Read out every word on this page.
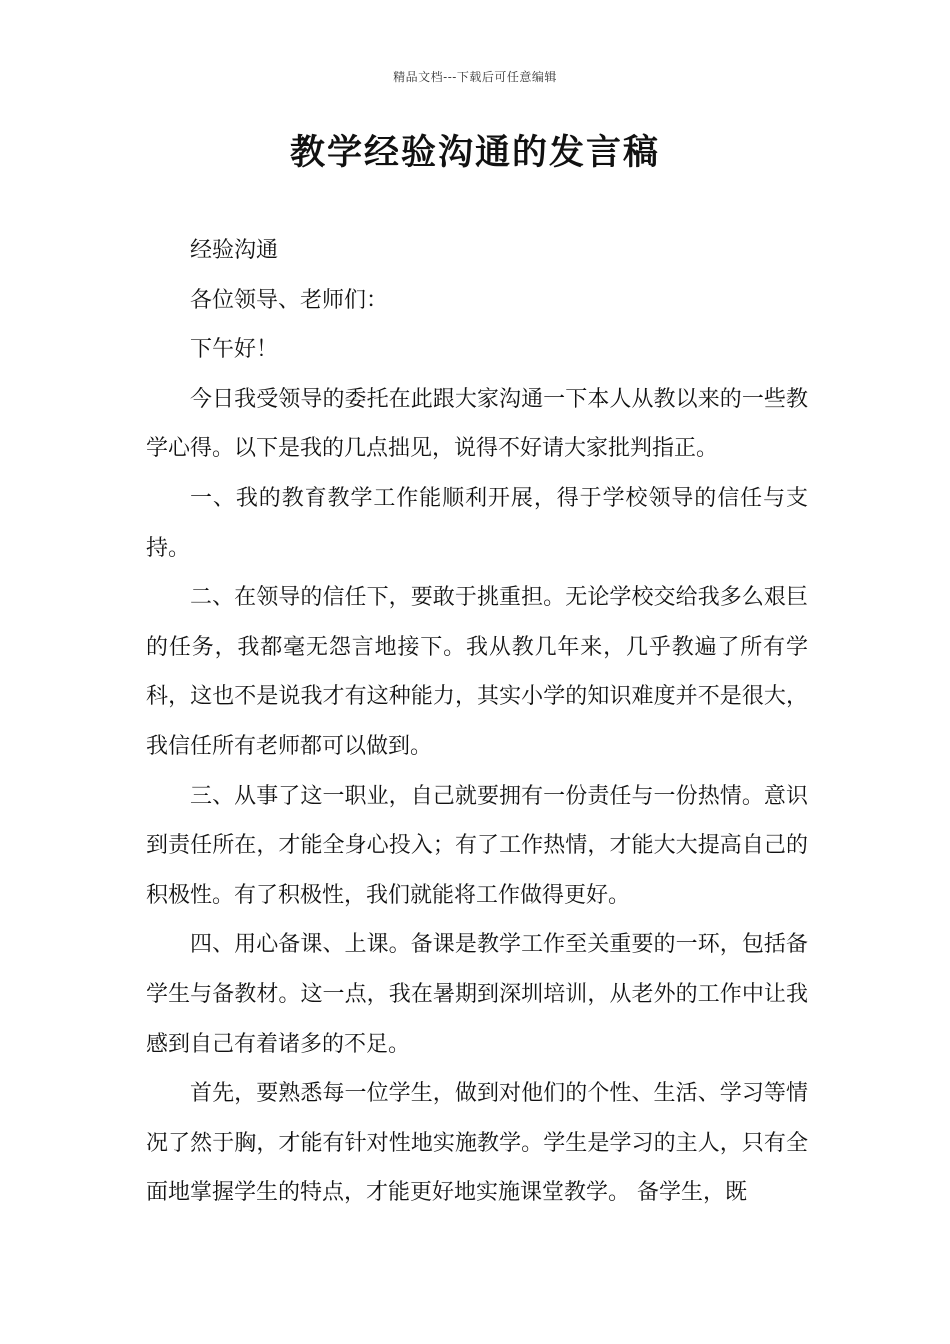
精品文档---下载后可任意编辑
教学经验沟通的发言稿

经验沟通

各位领导、老师们：

下午好！

今日我受领导的委托在此跟大家沟通一下本人从教以来的一些教学心得。以下是我的几点拙见，说得不好请大家批判指正。

一、我的教育教学工作能顺利开展，得于学校领导的信任与支持。

二、在领导的信任下，要敢于挑重担。无论学校交给我多么艰巨的任务，我都毫无怨言地接下。我从教几年来，几乎教遍了所有学科，这也不是说我才有这种能力，其实小学的知识难度并不是很大，我信任所有老师都可以做到。

三、从事了这一职业，自己就要拥有一份责任与一份热情。意识到责任所在，才能全身心投入；有了工作热情，才能大大提高自己的积极性。有了积极性，我们就能将工作做得更好。

四、用心备课、上课。备课是教学工作至关重要的一环，包括备学生与备教材。这一点，我在暑期到深圳培训，从老外的工作中让我感到自己有着诸多的不足。

首先，要熟悉每一位学生，做到对他们的个性、生活、学习等情况了然于胸，才能有针对性地实施教学。学生是学习的主人，只有全面地掌握学生的特点，才能更好地实施课堂教学。 备学生，既
